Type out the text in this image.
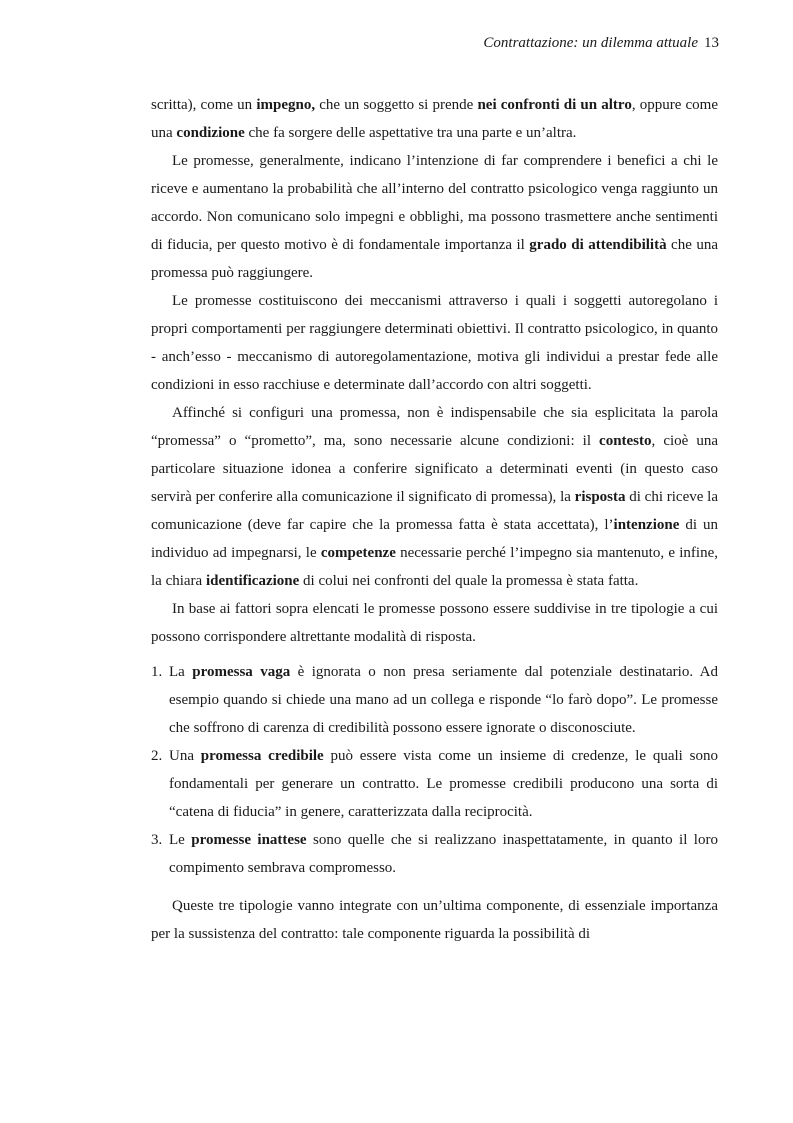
Contrattazione: un dilemma attuale 13

scritta), come un impegno, che un soggetto si prende nei confronti di un altro, oppure come una condizione che fa sorgere delle aspettative tra una parte e un’altra.

Le promesse, generalmente, indicano l’intenzione di far comprendere i benefici a chi le riceve e aumentano la probabilità che all’interno del contratto psicologico venga raggiunto un accordo. Non comunicano solo impegni e obblighi, ma possono trasmettere anche sentimenti di fiducia, per questo motivo è di fondamentale importanza il grado di attendibilità che una promessa può raggiungere.

Le promesse costituiscono dei meccanismi attraverso i quali i soggetti autoregolano i propri comportamenti per raggiungere determinati obiettivi. Il contratto psicologico, in quanto - anch’esso - meccanismo di autoregolamentazione, motiva gli individui a prestar fede alle condizioni in esso racchiuse e determinate dall’accordo con altri soggetti.

Affinché si configuri una promessa, non è indispensabile che sia esplicitata la parola “promessa” o “prometto”, ma, sono necessarie alcune condizioni: il contesto, cioè una particolare situazione idonea a conferire significato a determinati eventi (in questo caso servirà per conferire alla comunicazione il significato di promessa), la risposta di chi riceve la comunicazione (deve far capire che la promessa fatta è stata accettata), l’intenzione di un individuo ad impegnarsi, le competenze necessarie perché l’impegno sia mantenuto, e infine, la chiara identificazione di colui nei confronti del quale la promessa è stata fatta.

In base ai fattori sopra elencati le promesse possono essere suddivise in tre tipologie a cui possono corrispondere altrettante modalità di risposta.

1. La promessa vaga è ignorata o non presa seriamente dal potenziale destinatario. Ad esempio quando si chiede una mano ad un collega e risponde “lo farò dopo”. Le promesse che soffrono di carenza di credibilità possono essere ignorate o disconosciute.
2. Una promessa credibile può essere vista come un insieme di credenze, le quali sono fondamentali per generare un contratto. Le promesse credibili producono una sorta di “catena di fiducia” in genere, caratterizzata dalla reciprocità.
3. Le promesse inattese sono quelle che si realizzano inaspettatamente, in quanto il loro compimento sembrava compromesso.

Queste tre tipologie vanno integrate con un’ultima componente, di essenziale importanza per la sussistenza del contratto: tale componente riguarda la possibilità di
